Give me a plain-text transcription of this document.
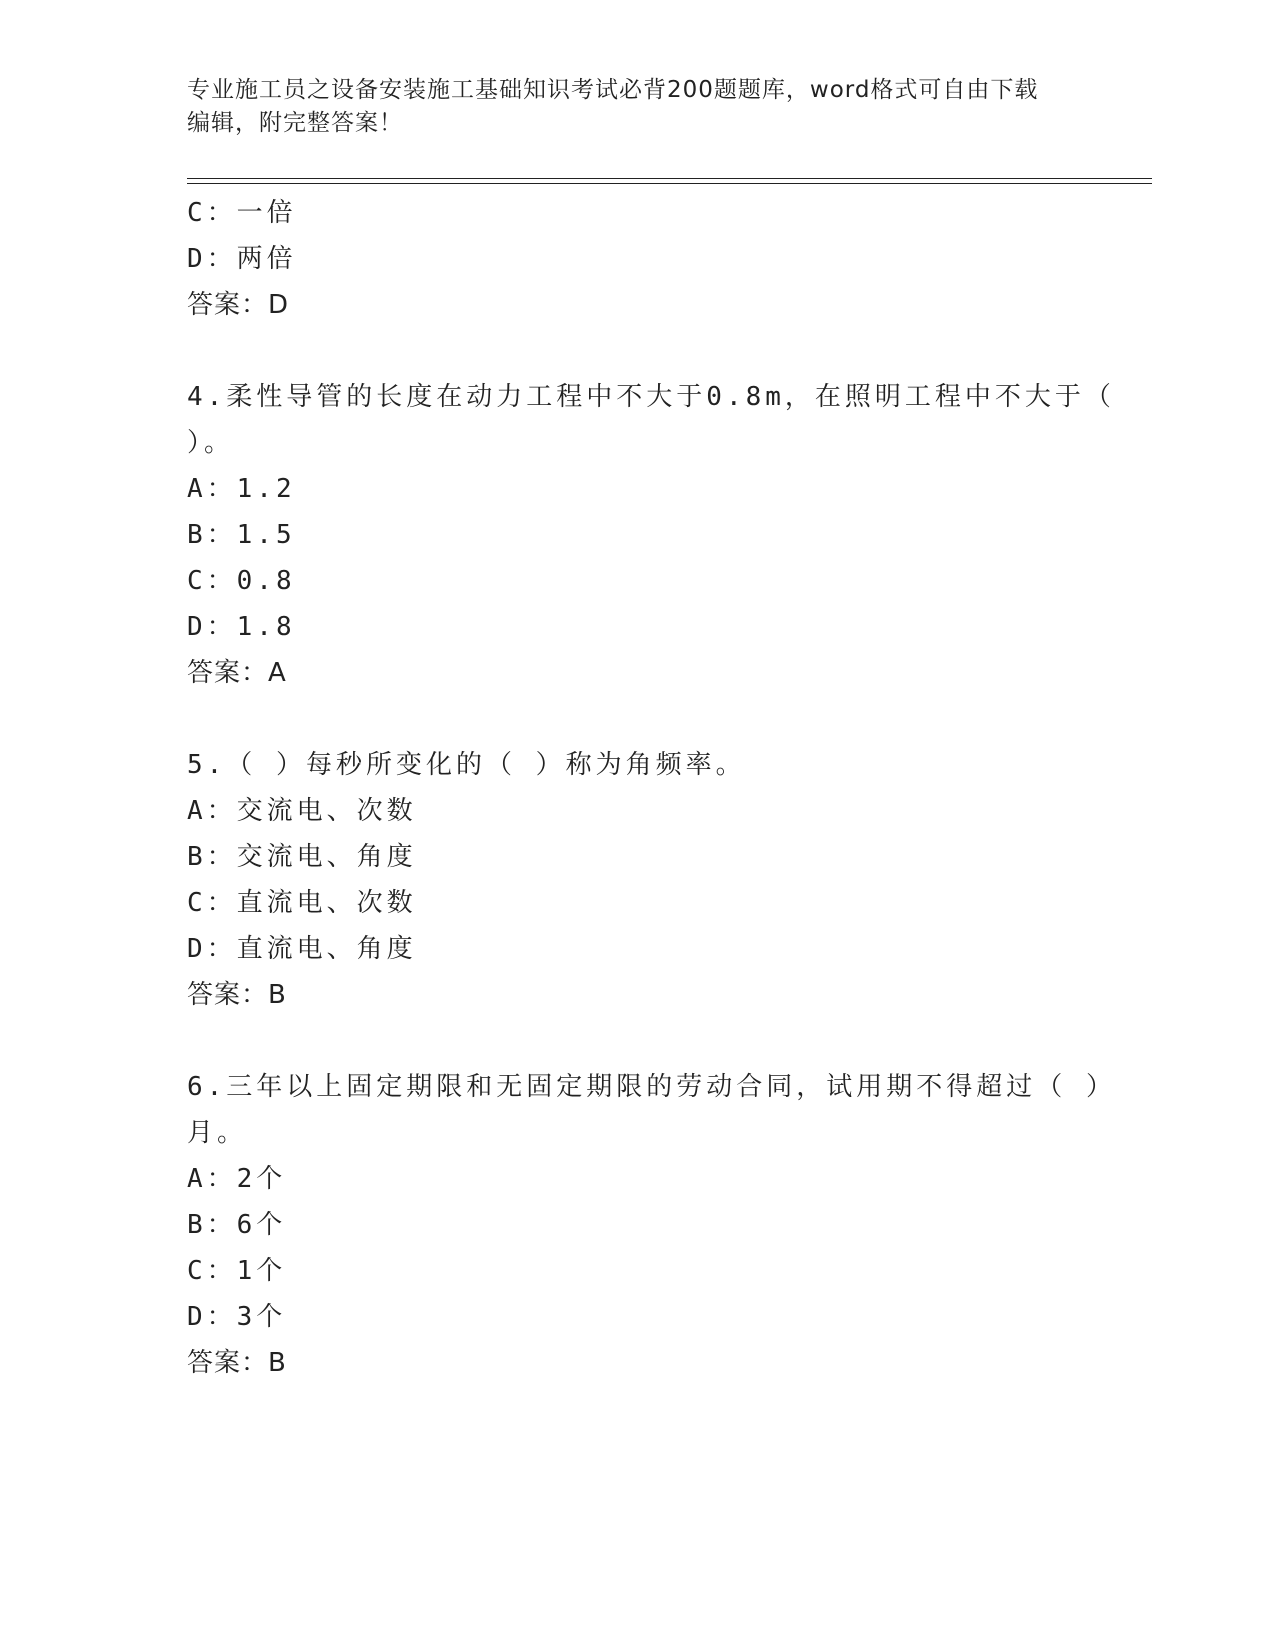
专业施工员之设备安装施工基础知识考试必背200题题库，word格式可自由下载
编辑，附完整答案！
C：一倍
D：两倍
答案：D
4.柔性导管的长度在动力工程中不大于0.8m，在照明工程中不大于（
）。
A：1.2
B：1.5
C：0.8
D：1.8
答案：A
5.（ ）每秒所变化的（ ）称为角频率。
A：交流电、次数
B：交流电、角度
C：直流电、次数
D：直流电、角度
答案：B
6.三年以上固定期限和无固定期限的劳动合同，试用期不得超过（ ）
月。
A：2个
B：6个
C：1个
D：3个
答案：B
